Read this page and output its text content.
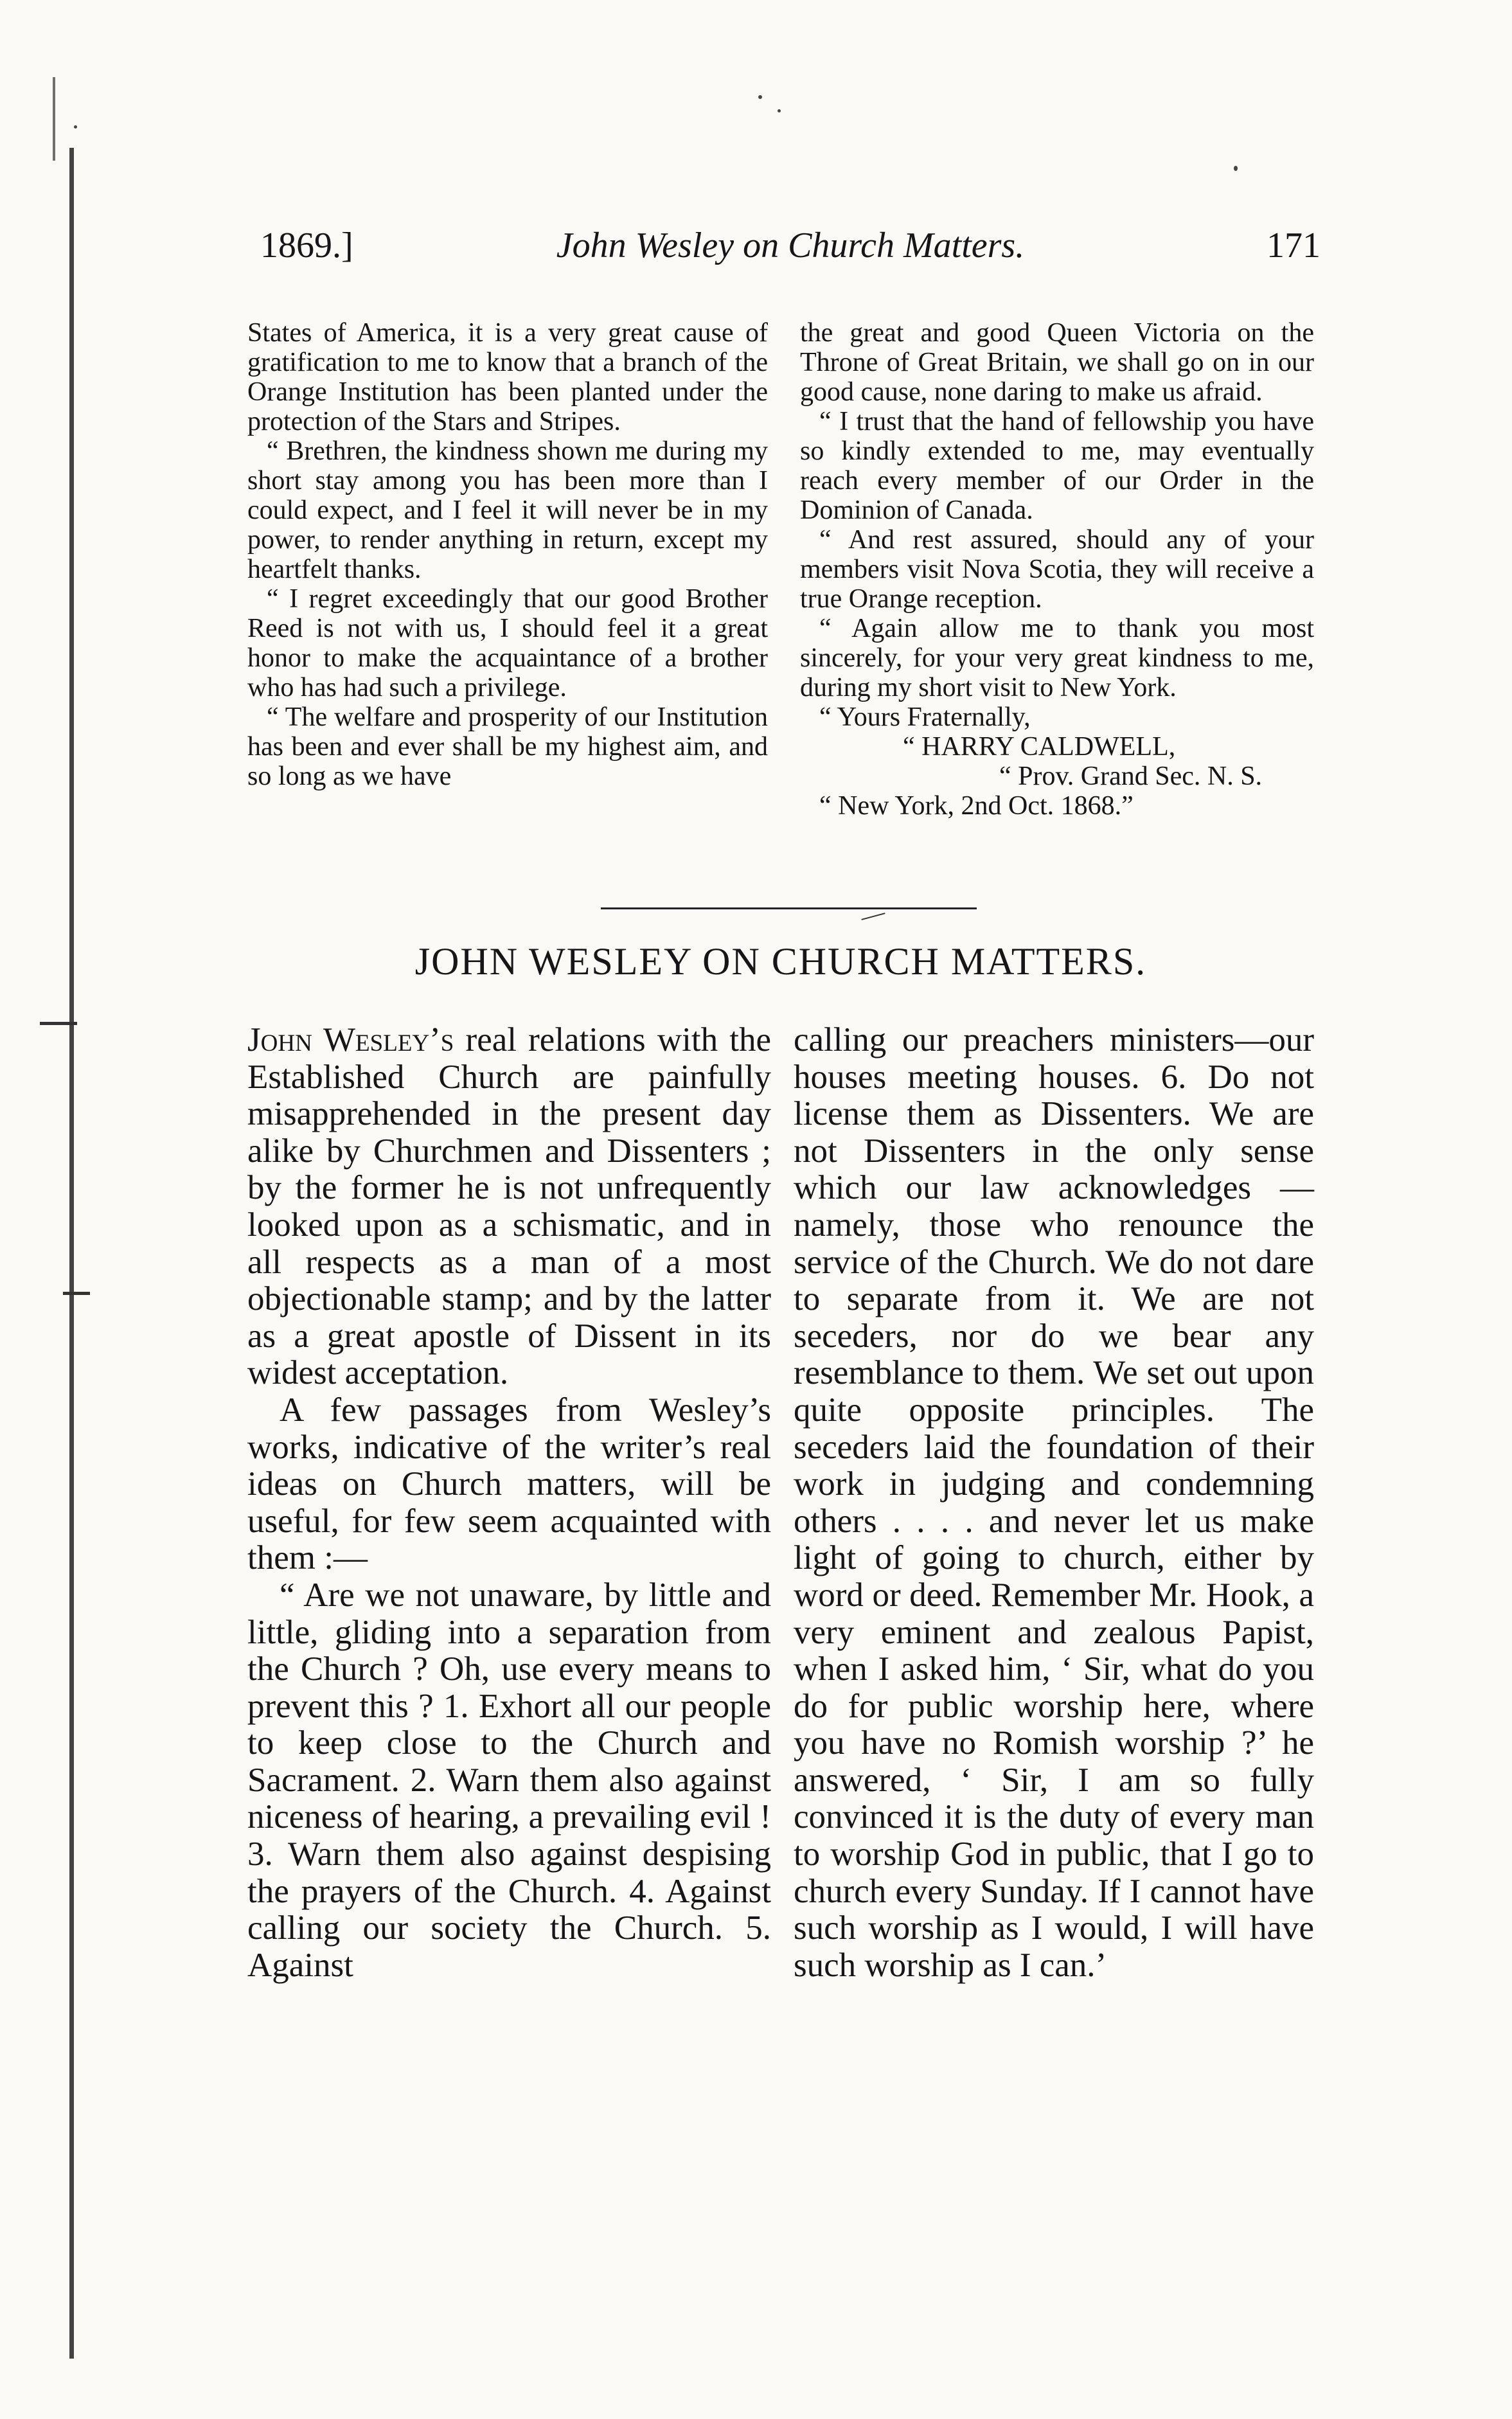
1869.]	John Wesley on Church Matters.	171

States of America, it is a very great cause of gratification to me to know that a branch of the Orange Institution has been planted under the protection of the Stars and Stripes.

“ Brethren, the kindness shown me during my short stay among you has been more than I could expect, and I feel it will never be in my power, to render anything in return, except my heartfelt thanks.

“ I regret exceedingly that our good Brother Reed is not with us, I should feel it a great honor to make the acquaintance of a brother who has had such a privilege.

“ The welfare and prosperity of our Institution has been and ever shall be my highest aim, and so long as we have

the great and good Queen Victoria on the Throne of Great Britain, we shall go on in our good cause, none daring to make us afraid.

“ I trust that the hand of fellowship you have so kindly extended to me, may eventually reach every member of our Order in the Dominion of Canada.

“ And rest assured, should any of your members visit Nova Scotia, they will receive a true Orange reception.

“ Again allow me to thank you most sincerely, for your very great kindness to me, during my short visit to New York.

“ Yours Fraternally,

“ HARRY CALDWELL,

“ Prov. Grand Sec. N. S.

“ New York, 2nd Oct. 1868.”

JOHN WESLEY ON CHURCH MATTERS.

John Wesley’s real relations with the Established Church are painfully misapprehended in the present day alike by Churchmen and Dissenters ; by the former he is not unfrequently looked upon as a schismatic, and in all respects as a man of a most objectionable stamp; and by the latter as a great apostle of Dissent in its widest acceptation.

A few passages from Wesley’s works, indicative of the writer’s real ideas on Church matters, will be useful, for few seem acquainted with them :—

“ Are we not unaware, by little and little, gliding into a separation from the Church ? Oh, use every means to prevent this ? 1. Exhort all our people to keep close to the Church and Sacrament. 2. Warn them also against niceness of hearing, a prevailing evil ! 3. Warn them also against despising the prayers of the Church. 4. Against calling our society the Church. 5. Against

calling our preachers ministers—our houses meeting houses. 6. Do not license them as Dissenters. We are not Dissenters in the only sense which our law acknowledges —namely, those who renounce the service of the Church. We do not dare to separate from it. We are not seceders, nor do we bear any resemblance to them. We set out upon quite opposite principles. The seceders laid the foundation of their work in judging and condemning others . . . . and never let us make light of going to church, either by word or deed. Remember Mr. Hook, a very eminent and zealous Papist, when I asked him, ‘ Sir, what do you do for public worship here, where you have no Romish worship ?’ he answered, ‘ Sir, I am so fully convinced it is the duty of every man to worship God in public, that I go to church every Sunday. If I cannot have such worship as I would, I will have such worship as I can.’
